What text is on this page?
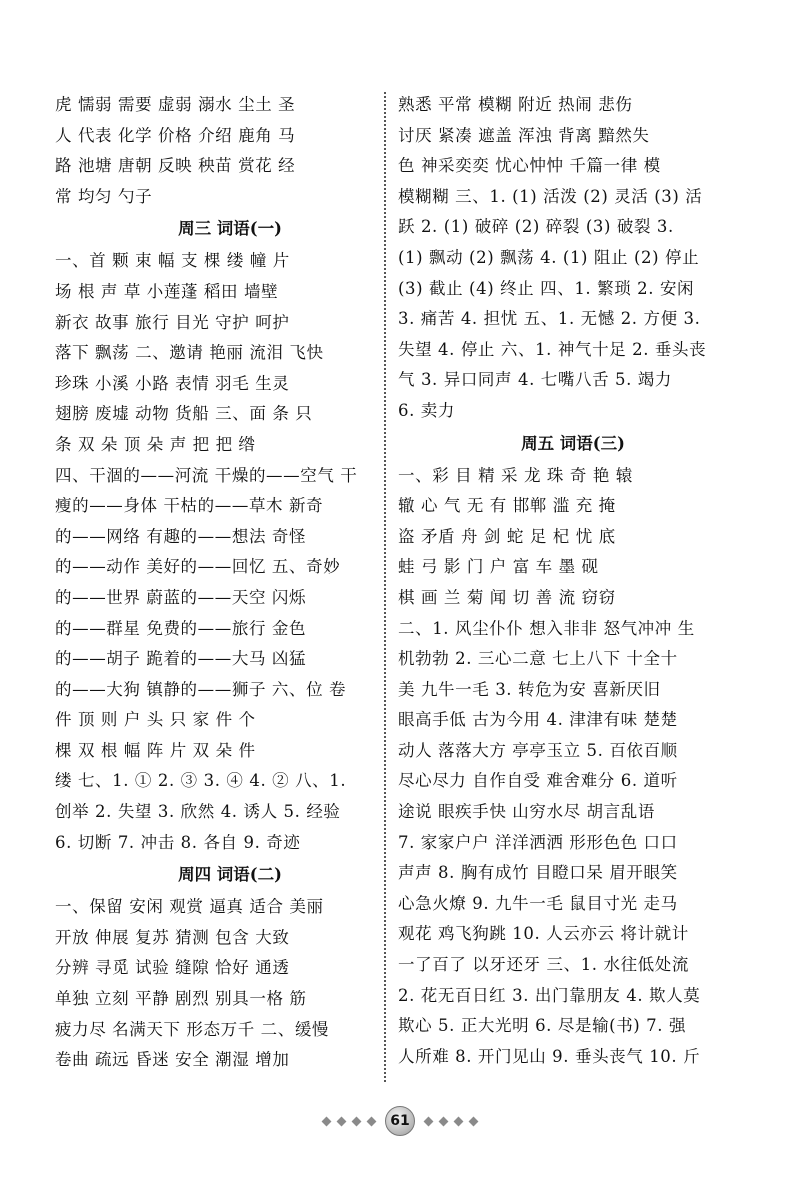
虎 懦弱 需要 虚弱 溺水 尘土 圣
人 代表 化学 价格 介绍 鹿角 马
路 池塘 唐朝 反映 秧苗 赏花 经
常 均匀 勺子
周三 词语(一)
一、首 颗 束 幅 支 棵 缕 幢 片
场 根 声 草 小莲蓬 稻田 墙壁
新衣 故事 旅行 目光 守护 呵护
落下 飘荡 二、邀请 艳丽 流泪 飞快
珍珠 小溪 小路 表情 羽毛 生灵
翅膀 废墟 动物 货船 三、面 条 只
条 双 朵 顶 朵 声 把 把 绺
四、干涸的——河流 干燥的——空气 干
瘦的——身体 干枯的——草木 新奇
的——网络 有趣的——想法 奇怪
的——动作 美好的——回忆 五、奇妙
的——世界 蔚蓝的——天空 闪烁
的——群星 免费的——旅行 金色
的——胡子 跪着的——大马 凶猛
的——大狗 镇静的——狮子 六、位 卷
件 顶 则 户 头 只 家 件 个
棵 双 根 幅 阵 片 双 朵 件
缕 七、1. ① 2. ③ 3. ④ 4. ② 八、1.
创举 2. 失望 3. 欣然 4. 诱人 5. 经验
6. 切断 7. 冲击 8. 各自 9. 奇迹
周四 词语(二)
一、保留 安闲 观赏 逼真 适合 美丽
开放 伸展 复苏 猜测 包含 大致
分辨 寻觅 试验 缝隙 恰好 通透
单独 立刻 平静 剧烈 别具一格 筋
疲力尽 名满天下 形态万千 二、缓慢
卷曲 疏远 昏迷 安全 潮湿 增加
熟悉 平常 模糊 附近 热闹 悲伤
讨厌 紧凑 遮盖 浑浊 背离 黯然失
色 神采奕奕 忧心忡忡 千篇一律 模
模糊糊 三、1. (1) 活泼 (2) 灵活 (3) 活
跃 2. (1) 破碎 (2) 碎裂 (3) 破裂 3.
(1) 飘动 (2) 飘荡 4. (1) 阻止 (2) 停止
(3) 截止 (4) 终止 四、1. 繁琐 2. 安闲
3. 痛苦 4. 担忧 五、1. 无憾 2. 方便 3.
失望 4. 停止 六、1. 神气十足 2. 垂头丧
气 3. 异口同声 4. 七嘴八舌 5. 竭力
6. 卖力
周五 词语(三)
一、彩 目 精 采 龙 珠 奇 艳 辕
辙 心 气 无 有 邯郸 滥 充 掩
盗 矛盾 舟 剑 蛇 足 杞 忧 底
蛙 弓 影 门 户 富 车 墨 砚
棋 画 兰 菊 闻 切 善 流 窃窃
二、1. 风尘仆仆 想入非非 怒气冲冲 生
机勃勃 2. 三心二意 七上八下 十全十
美 九牛一毛 3. 转危为安 喜新厌旧
眼高手低 古为今用 4. 津津有味 楚楚
动人 落落大方 亭亭玉立 5. 百依百顺
尽心尽力 自作自受 难舍难分 6. 道听
途说 眼疾手快 山穷水尽 胡言乱语
7. 家家户户 洋洋洒洒 形形色色 口口
声声 8. 胸有成竹 目瞪口呆 眉开眼笑
心急火燎 9. 九牛一毛 鼠目寸光 走马
观花 鸡飞狗跳 10. 人云亦云 将计就计
一了百了 以牙还牙 三、1. 水往低处流
2. 花无百日红 3. 出门靠朋友 4. 欺人莫
欺心 5. 正大光明 6. 尽是输(书) 7. 强
人所难 8. 开门见山 9. 垂头丧气 10. 斤
61
